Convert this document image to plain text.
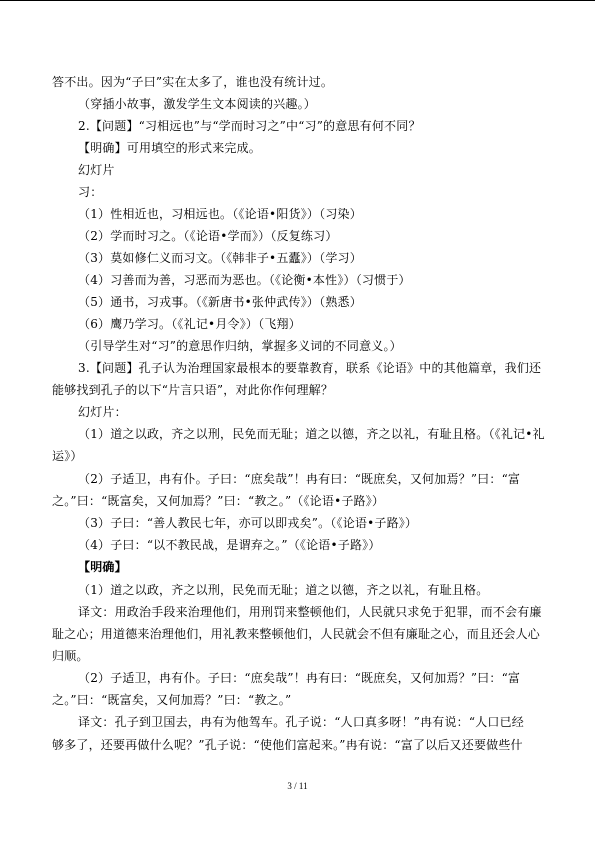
答不出。因为“子曰”实在太多了，谁也没有统计过。
（穿插小故事，激发学生文本阅读的兴趣。）
2.【问题】“习相远也”与“学而时习之”中“习”的意思有何不同？
【明确】可用填空的形式来完成。
幻灯片
习：
（1）性相近也，习相远也。（《论语•阳货》）（习染）
（2）学而时习之。（《论语•学而》）（反复练习）
（3）莫如修仁义而习文。（《韩非子•五蠹》）（学习）
（4）习善而为善，习恶而为恶也。（《论衡•本性》）（习惯于）
（5）通书，习戎事。（《新唐书•张仲武传》）（熟悉）
（6）鹰乃学习。（《礼记•月令》）（飞翔）
（引导学生对“习”的意思作归纳，掌握多义词的不同意义。）
3.【问题】孔子认为治理国家最根本的要靠教育，联系《论语》中的其他篇章，我们还
能够找到孔子的以下“片言只语”，对此你作何理解？
幻灯片：
（1）道之以政，齐之以刑，民免而无耻；道之以德，齐之以礼，有耻且格。（《礼记•礼
运》）
（2）子适卫，冉有仆。子曰：“庶矣哉”！冉有曰：“既庶矣，又何加焉？”曰：“富
之。”曰：“既富矣，又何加焉？”曰：“教之。”（《论语•子路》）
（3）子曰：“善人教民七年，亦可以即戎矣”。（《论语•子路》）
（4）子曰：“以不教民战，是谓弃之。”（《论语•子路》）
【明确】
（1）道之以政，齐之以刑，民免而无耻；道之以德，齐之以礼，有耻且格。
译文：用政治手段来治理他们，用刑罚来整顿他们，人民就只求免于犯罪，而不会有廉
耻之心；用道德来治理他们，用礼教来整顿他们，人民就会不但有廉耻之心，而且还会人心
归顺。
（2）子适卫，冉有仆。子曰：“庶矣哉”！冉有曰：“既庶矣，又何加焉？”曰：“富
之。”曰：“既富矣，又何加焉？”曰：“教之。”
译文：孔子到卫国去，冉有为他驾车。孔子说：“人口真多呀！”冉有说：“人口已经
够多了，还要再做什么呢？”孔子说：“使他们富起来。”冉有说：“富了以后又还要做些什
3 / 11
